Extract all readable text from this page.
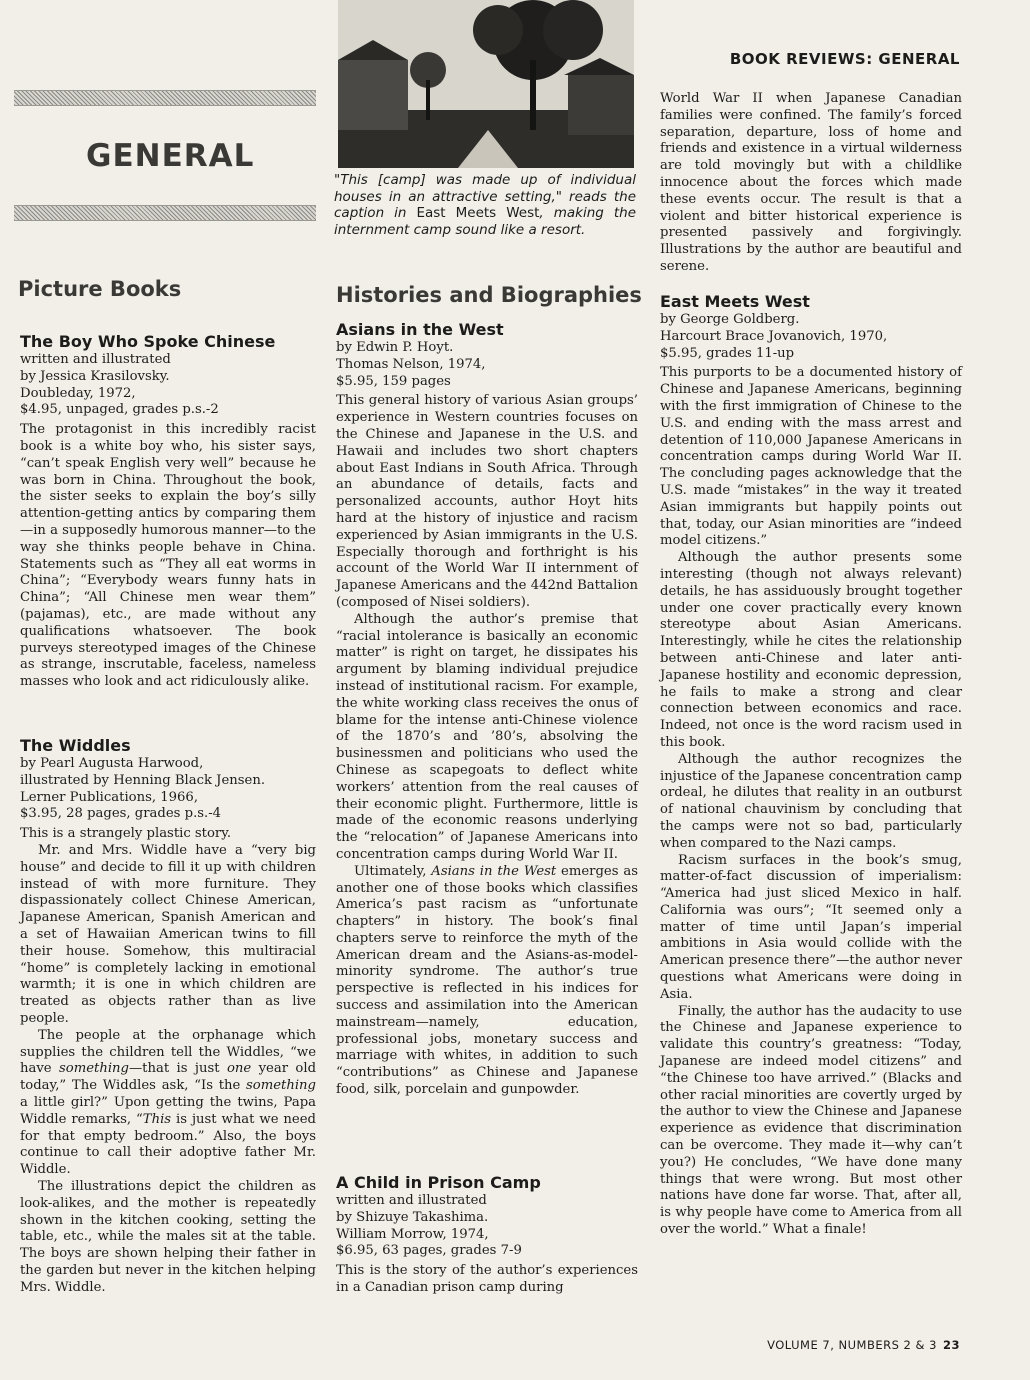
BOOK REVIEWS: GENERAL
GENERAL
"This [camp] was made up of individual houses in an attractive setting," reads the caption in East Meets West, making the internment camp sound like a resort.
Picture Books
The Boy Who Spoke Chinese
written and illustrated
by Jessica Krasilovsky.
Doubleday, 1972,
$4.95, unpaged, grades p.s.-2

The protagonist in this incredibly racist book is a white boy who, his sister says, “can’t speak English very well” because he was born in China. Throughout the book, the sister seeks to explain the boy’s silly attention-getting antics by comparing them—in a supposedly humorous manner—to the way she thinks people behave in China. Statements such as “They all eat worms in China”; “Everybody wears funny hats in China”; “All Chinese men wear them” (pajamas), etc., are made without any qualifications whatsoever. The book purveys stereotyped images of the Chinese as strange, inscrutable, faceless, nameless masses who look and act ridiculously alike.

The Widdles
by Pearl Augusta Harwood,
illustrated by Henning Black Jensen.
Lerner Publications, 1966,
$3.95, 28 pages, grades p.s.-4

This is a strangely plastic story.

Mr. and Mrs. Widdle have a “very big house” and decide to fill it up with children instead of with more furniture. They dispassionately collect Chinese American, Japanese American, Spanish American and a set of Hawaiian American twins to fill their house. Somehow, this multiracial “home” is completely lacking in emotional warmth; it is one in which children are treated as objects rather than as live people.

The people at the orphanage which supplies the children tell the Widdles, “we have something—that is just one year old today,” The Widdles ask, “Is the something a little girl?” Upon getting the twins, Papa Widdle remarks, “This is just what we need for that empty bedroom.” Also, the boys continue to call their adoptive father Mr. Widdle.

The illustrations depict the children as look-alikes, and the mother is repeatedly shown in the kitchen cooking, setting the table, etc., while the males sit at the table. The boys are shown helping their father in the garden but never in the kitchen helping Mrs. Widdle.

Histories and Biographies
Asians in the West
by Edwin P. Hoyt.
Thomas Nelson, 1974,
$5.95, 159 pages

This general history of various Asian groups’ experience in Western countries focuses on the Chinese and Japanese in the U.S. and Hawaii and includes two short chapters about East Indians in South Africa. Through an abundance of details, facts and personalized accounts, author Hoyt hits hard at the history of injustice and racism experienced by Asian immigrants in the U.S. Especially thorough and forthright is his account of the World War II internment of Japanese Americans and the 442nd Battalion (composed of Nisei soldiers).

Although the author’s premise that “racial intolerance is basically an economic matter” is right on target, he dissipates his argument by blaming individual prejudice instead of institutional racism. For example, the white working class receives the onus of blame for the intense anti-Chinese violence of the 1870’s and ’80’s, absolving the businessmen and politicians who used the Chinese as scapegoats to deflect white workers’ attention from the real causes of their economic plight. Furthermore, little is made of the economic reasons underlying the “relocation” of Japanese Americans into concentration camps during World War II.

Ultimately, Asians in the West emerges as another one of those books which classifies America’s past racism as “unfortunate chapters” in history. The book’s final chapters serve to reinforce the myth of the American dream and the Asians-as-model-minority syndrome. The author’s true perspective is reflected in his indices for success and assimilation into the American mainstream—namely, education, professional jobs, monetary success and marriage with whites, in addition to such “contributions” as Chinese and Japanese food, silk, porcelain and gunpowder.

A Child in Prison Camp
written and illustrated
by Shizuye Takashima.
William Morrow, 1974,
$6.95, 63 pages, grades 7-9

This is the story of the author’s experiences in a Canadian prison camp during

World War II when Japanese Canadian families were confined. The family’s forced separation, departure, loss of home and friends and existence in a virtual wilderness are told movingly but with a childlike innocence about the forces which made these events occur. The result is that a violent and bitter historical experience is presented passively and forgivingly. Illustrations by the author are beautiful and serene.

East Meets West
by George Goldberg.
Harcourt Brace Jovanovich, 1970,
$5.95, grades 11-up

This purports to be a documented history of Chinese and Japanese Americans, beginning with the first immigration of Chinese to the U.S. and ending with the mass arrest and detention of 110,000 Japanese Americans in concentration camps during World War II. The concluding pages acknowledge that the U.S. made “mistakes” in the way it treated Asian immigrants but happily points out that, today, our Asian minorities are “indeed model citizens.”

Although the author presents some interesting (though not always relevant) details, he has assiduously brought together under one cover practically every known stereotype about Asian Americans. Interestingly, while he cites the relationship between anti-Chinese and later anti-Japanese hostility and economic depression, he fails to make a strong and clear connection between economics and race. Indeed, not once is the word racism used in this book.

Although the author recognizes the injustice of the Japanese concentration camp ordeal, he dilutes that reality in an outburst of national chauvinism by concluding that the camps were not so bad, particularly when compared to the Nazi camps.

Racism surfaces in the book’s smug, matter-of-fact discussion of imperialism: “America had just sliced Mexico in half. California was ours”; “It seemed only a matter of time until Japan’s imperial ambitions in Asia would collide with the American presence there”—the author never questions what Americans were doing in Asia.

Finally, the author has the audacity to use the Chinese and Japanese experience to validate this country’s greatness: “Today, Japanese are indeed model citizens” and “the Chinese too have arrived.” (Blacks and other racial minorities are covertly urged by the author to view the Chinese and Japanese experience as evidence that discrimination can be overcome. They made it—why can’t you?) He concludes, “We have done many things that were wrong. But most other nations have done far worse. That, after all, is why people have come to America from all over the world.” What a finale!

VOLUME 7, NUMBERS 2 & 3 23
